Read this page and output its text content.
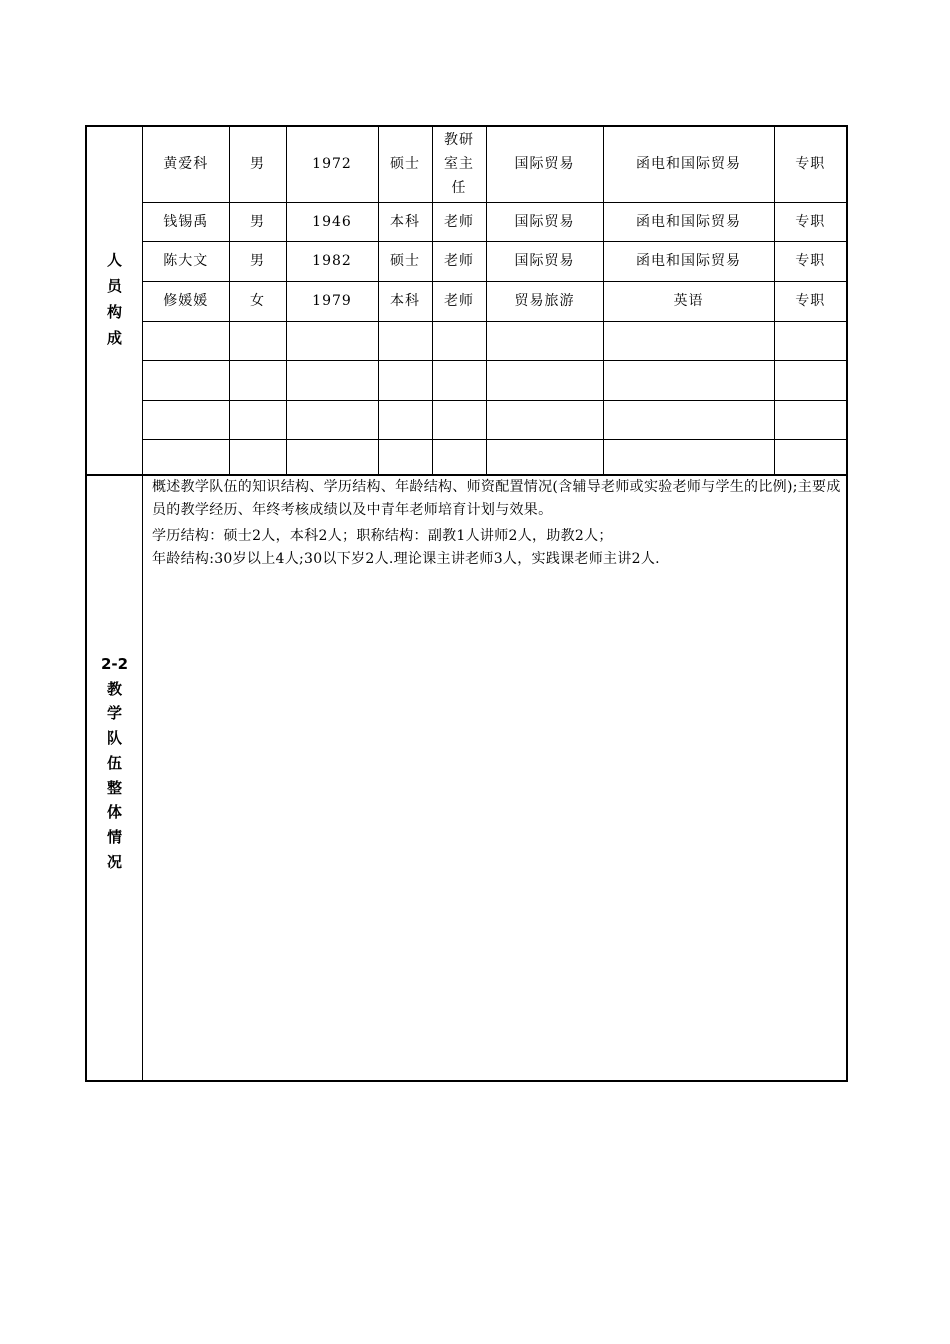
人
员
构
成
黄爱科	男	1972	硕士	教研室主任	国际贸易	函电和国际贸易	专职
钱锡禹	男	1946	本科	老师	国际贸易	函电和国际贸易	专职
陈大文	男	1982	硕士	老师	国际贸易	函电和国际贸易	专职
修媛媛	女	1979	本科	老师	贸易旅游	英语	专职

2-2
教
学
队
伍
整
体
情
况

概述教学队伍的知识结构、学历结构、年龄结构、师资配置情况(含辅导老师或实验老师与学生的比例);主要成员的教学经历、年终考核成绩以及中青年老师培育计划与效果。

学历结构：硕士2人，本科2人；职称结构：副教1人讲师2人，助教2人；

年龄结构:30岁以上4人;30以下岁2人.理论课主讲老师3人，实践课老师主讲2人.
